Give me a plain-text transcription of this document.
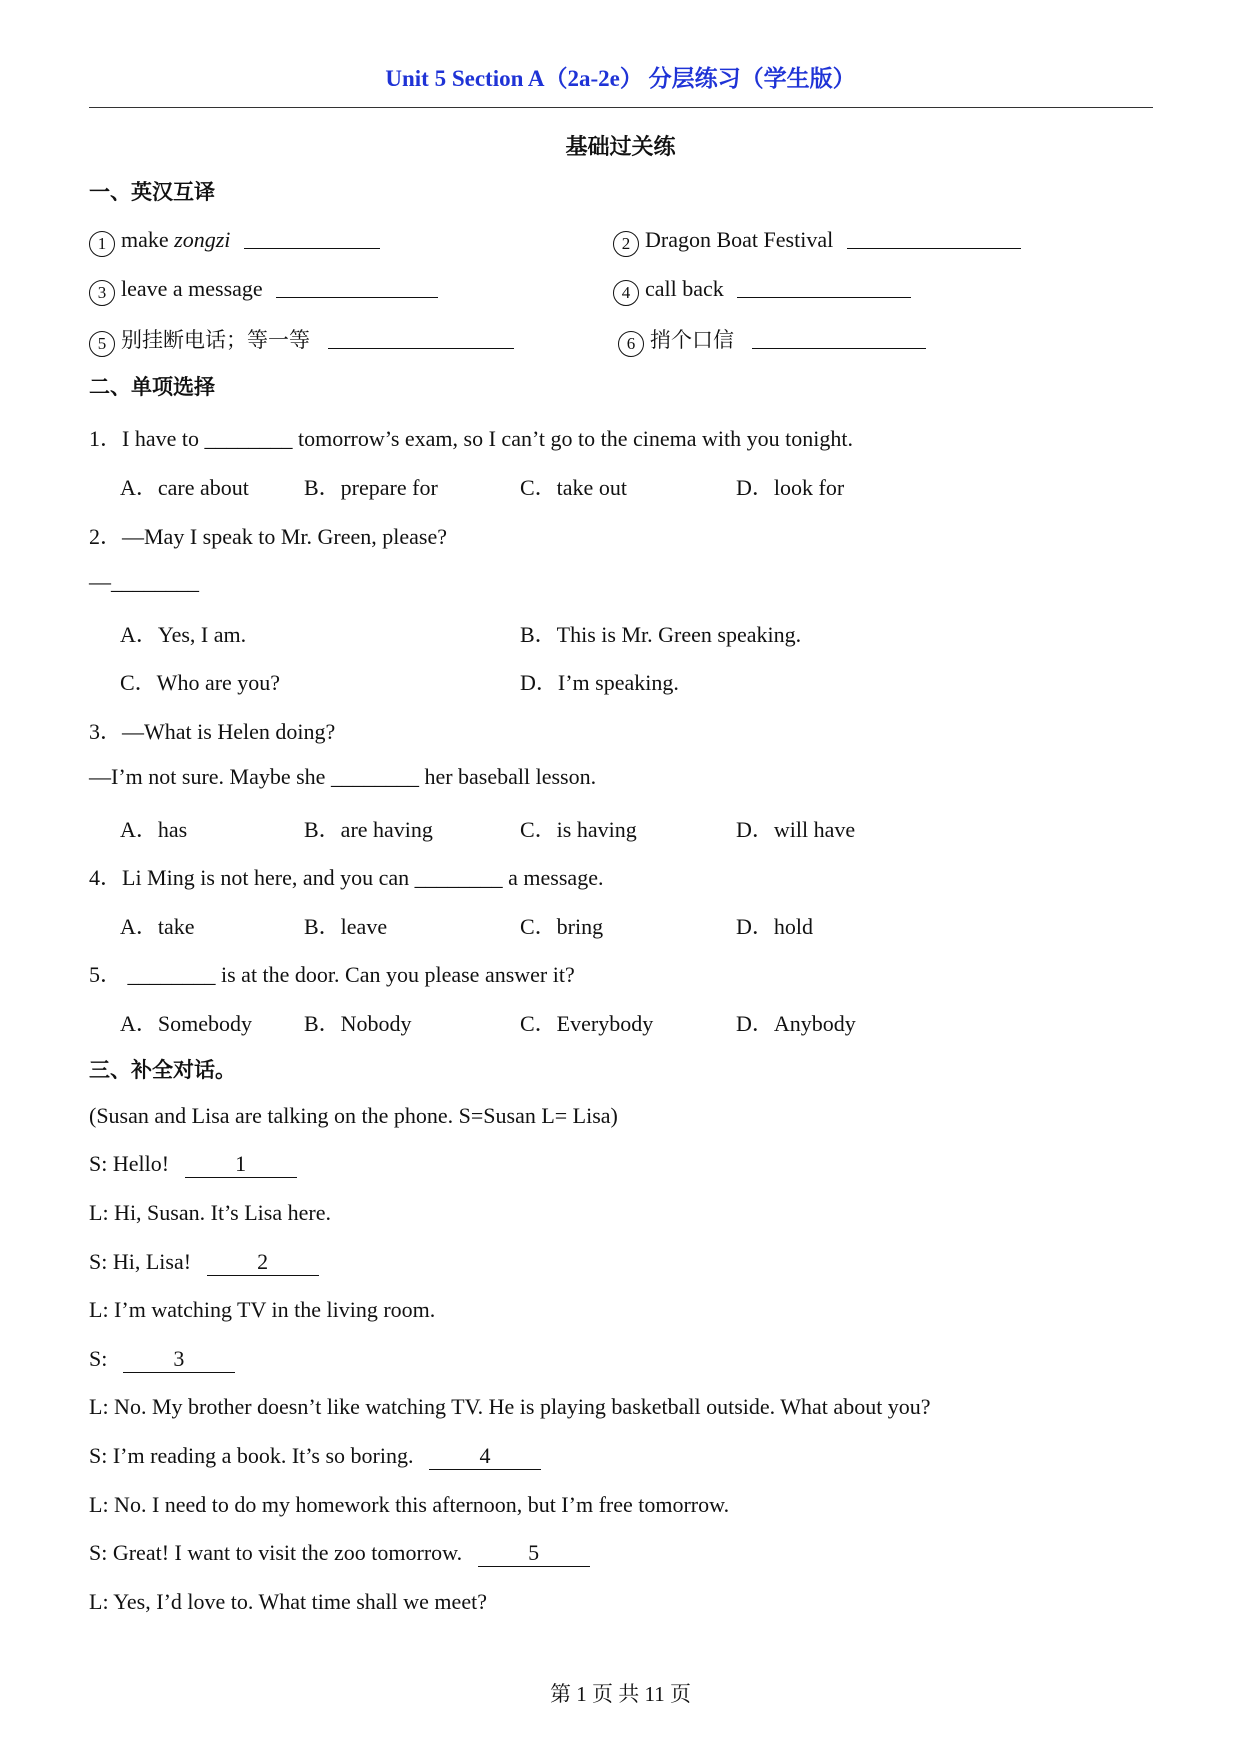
Unit 5 Section A（2a-2e） 分层练习（学生版）
基础过关练
一、英汉互译
1 make zongzi	2 Dragon Boat Festival
3 leave a message	4 call back
5 别挂断电话；等一等	6 捎个口信
二、单项选择
1．I have to ________ tomorrow’s exam, so I can’t go to the cinema with you tonight.
A．care about	B．prepare for	C．take out	D．look for
2．—May I speak to Mr. Green, please?
—________
A．Yes, I am.	B．This is Mr. Green speaking.
C．Who are you?	D．I’m speaking.
3．—What is Helen doing?
—I’m not sure. Maybe she ________ her baseball lesson.
A．has	B．are having	C．is having	D．will have
4．Li Ming is not here, and you can ________ a message.
A．take	B．leave	C．bring	D．hold
5． ________ is at the door. Can you please answer it?
A．Somebody B．Nobody	C．Everybody	D．Anybody
三、补全对话。
(Susan and Lisa are talking on the phone. S=Susan L= Lisa)
S: Hello!	1
L: Hi, Susan. It’s Lisa here.
S: Hi, Lisa!	2
L: I’m watching TV in the living room.
S:	3
L: No. My brother doesn’t like watching TV. He is playing basketball outside. What about you?
S: I’m reading a book. It’s so boring.	4
L: No. I need to do my homework this afternoon, but I’m free tomorrow.
S: Great! I want to visit the zoo tomorrow.	5
L: Yes, I’d love to. What time shall we meet?
第 1 页 共 11 页
